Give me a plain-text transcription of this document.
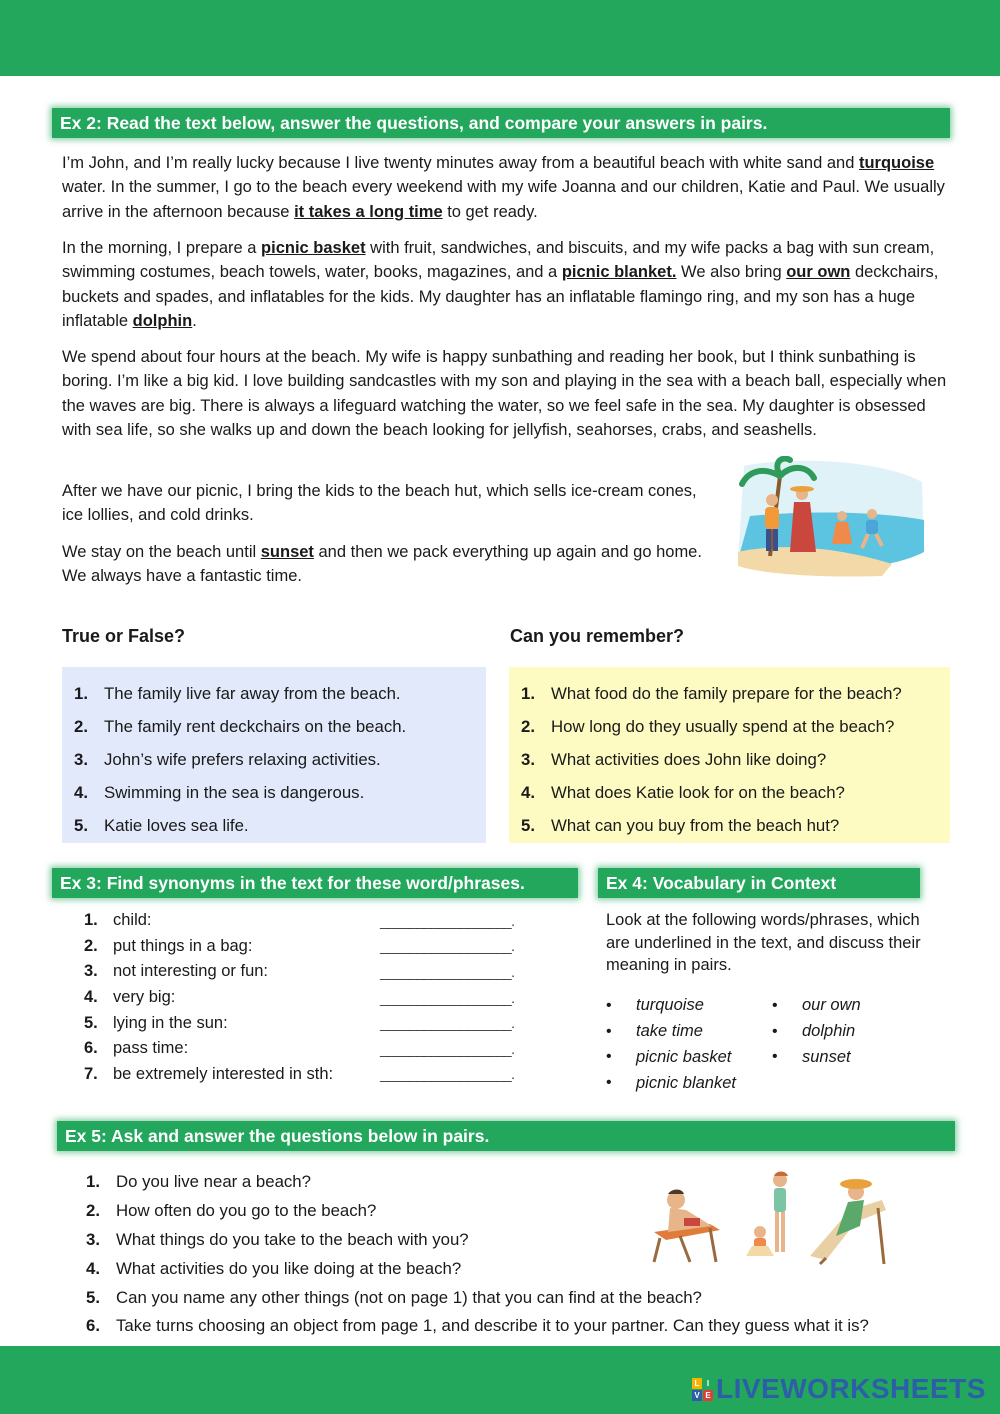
Ex 2: Read the text below, answer the questions, and compare your answers in pairs.

I’m John, and I’m really lucky because I live twenty minutes away from a beautiful beach with white sand and turquoise water. In the summer, I go to the beach every weekend with my wife Joanna and our children, Katie and Paul. We usually arrive in the afternoon because it takes a long time to get ready.

In the morning, I prepare a picnic basket with fruit, sandwiches, and biscuits, and my wife packs a bag with sun cream, swimming costumes, beach towels, water, books, magazines, and a picnic blanket. We also bring our own deckchairs, buckets and spades, and inflatables for the kids. My daughter has an inflatable flamingo ring, and my son has a huge inflatable dolphin.

We spend about four hours at the beach. My wife is happy sunbathing and reading her book, but I think sunbathing is boring. I’m like a big kid. I love building sandcastles with my son and playing in the sea with a beach ball, especially when the waves are big. There is always a lifeguard watching the water, so we feel safe in the sea. My daughter is obsessed with sea life, so she walks up and down the beach looking for jellyfish, seahorses, crabs, and seashells.

After we have our picnic, I bring the kids to the beach hut, which sells ice-cream cones, ice lollies, and cold drinks.

We stay on the beach until sunset and then we pack everything up again and go home. We always have a fantastic time.

True or False?	Can you remember?
1. The family live far away from the beach.
2. The family rent deckchairs on the beach.
3. John’s wife prefers relaxing activities.
4. Swimming in the sea is dangerous.
5. Katie loves sea life.
1. What food do the family prepare for the beach?
2. How long do they usually spend at the beach?
3. What activities does John like doing?
4. What does Katie look for on the beach?
5. What can you buy from the beach hut?
Ex 3: Find synonyms in the text for these word/phrases.
1. child:	__________________.
2. put things in a bag:	__________________.
3. not interesting or fun:	__________________.
4. very big:	__________________.
5. lying in the sun:	__________________.
6. pass time:	__________________.
7. be extremely interested in sth:	__________________.
Ex 4: Vocabulary in Context

Look at the following words/phrases, which are underlined in the text, and discuss their meaning in pairs.

•	turquoise
•	take time
•	picnic basket
•	picnic blanket
•	our own
•	dolphin
•	sunset
Ex 5: Ask and answer the questions below in pairs.
1. Do you live near a beach?
2. How often do you go to the beach?
3. What things do you take to the beach with you?
4. What activities do you like doing at the beach?
5. Can you name any other things (not on page 1) that you can find at the beach?
6. Take turns choosing an object from page 1, and describe it to your partner. Can they guess what it is?
L I
V E LIVEWORKSHEETS
